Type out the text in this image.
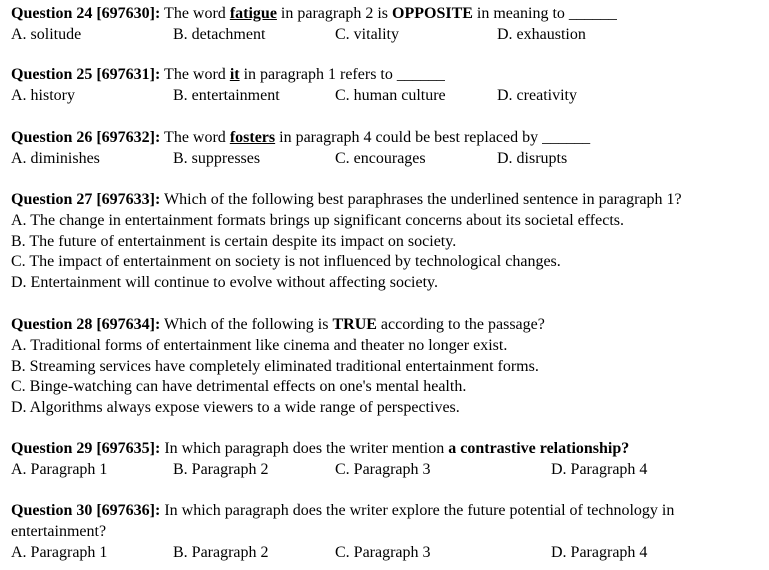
Question 24 [697630]: The word fatigue in paragraph 2 is OPPOSITE in meaning to ______
A. solitude	B. detachment	C. vitality	D. exhaustion
Question 25 [697631]: The word it in paragraph 1 refers to ______
A. history	B. entertainment	C. human culture	D. creativity
Question 26 [697632]: The word fosters in paragraph 4 could be best replaced by ______
A. diminishes	B. suppresses	C. encourages	D. disrupts
Question 27 [697633]: Which of the following best paraphrases the underlined sentence in paragraph 1?
A. The change in entertainment formats brings up significant concerns about its societal effects.
B. The future of entertainment is certain despite its impact on society.
C. The impact of entertainment on society is not influenced by technological changes.
D. Entertainment will continue to evolve without affecting society.
Question 28 [697634]: Which of the following is TRUE according to the passage?
A. Traditional forms of entertainment like cinema and theater no longer exist.
B. Streaming services have completely eliminated traditional entertainment forms.
C. Binge-watching can have detrimental effects on one's mental health.
D. Algorithms always expose viewers to a wide range of perspectives.
Question 29 [697635]: In which paragraph does the writer mention a contrastive relationship?
A. Paragraph 1	B. Paragraph 2	C. Paragraph 3	D. Paragraph 4
Question 30 [697636]: In which paragraph does the writer explore the future potential of technology in entertainment?
A. Paragraph 1	B. Paragraph 2	C. Paragraph 3	D. Paragraph 4
